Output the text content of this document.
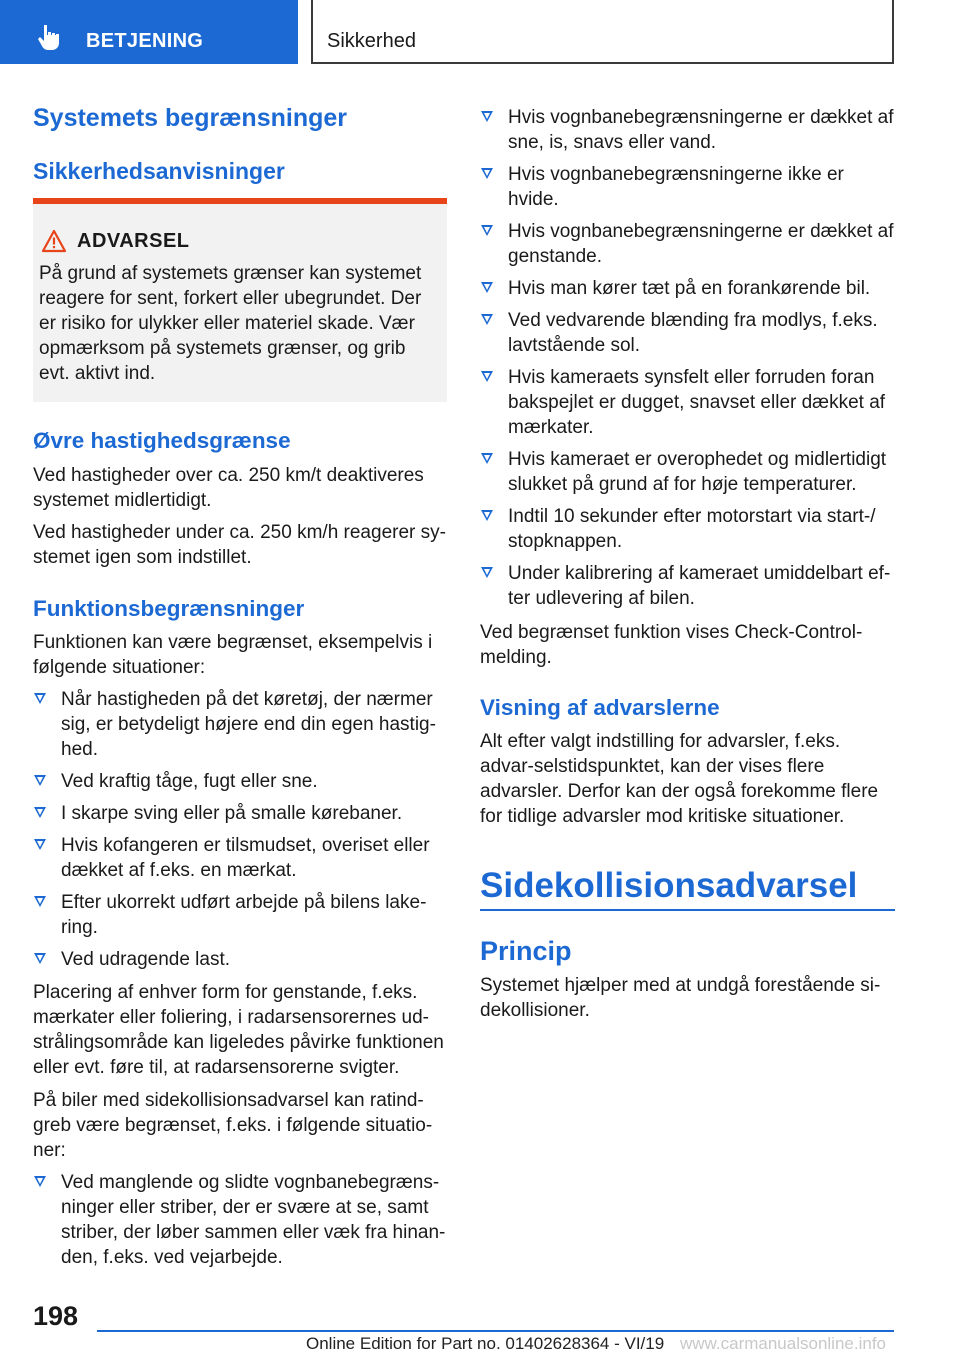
BETJENING	Sikkerhed
Systemets begrænsninger
Sikkerhedsanvisninger
ADVARSEL

På grund af systemets grænser kan systemet reagere for sent, forkert eller ubegrundet. Der er risiko for ulykker eller materiel skade. Vær opmærksom på systemets grænser, og grib evt. aktivt ind.

Øvre hastighedsgrænse

Ved hastigheder over ca. 250 km/t deaktiveres systemet midlertidigt.

Ved hastigheder under ca. 250 km/h reagerer sy-stemet igen som indstillet.

Funktionsbegrænsninger

Funktionen kan være begrænset, eksempelvis i følgende situationer:

Når hastigheden på det køretøj, der nærmer sig, er betydeligt højere end din egen hastig-hed.
Ved kraftig tåge, fugt eller sne.
I skarpe sving eller på smalle kørebaner.
Hvis kofangeren er tilsmudset, overiset eller dækket af f.eks. en mærkat.
Efter ukorrekt udført arbejde på bilens lake-ring.
Ved udragende last.

Placering af enhver form for genstande, f.eks. mærkater eller foliering, i radarsensorernes ud-strålingsområde kan ligeledes påvirke funktionen eller evt. føre til, at radarsensorerne svigter.

På biler med sidekollisionsadvarsel kan ratind-greb være begrænset, f.eks. i følgende situatio-ner:

Ved manglende og slidte vognbanebegræns-ninger eller striber, der er svære at se, samt striber, der løber sammen eller væk fra hinan-den, f.eks. ved vejarbejde.
Hvis vognbanebegrænsningerne er dækket af sne, is, snavs eller vand.
Hvis vognbanebegrænsningerne ikke er hvide.
Hvis vognbanebegrænsningerne er dækket af genstande.
Hvis man kører tæt på en forankørende bil.
Ved vedvarende blænding fra modlys, f.eks. lavtstående sol.
Hvis kameraets synsfelt eller forruden foran bakspejlet er dugget, snavset eller dækket af mærkater.
Hvis kameraet er overophedet og midlertidigt slukket på grund af for høje temperaturer.
Indtil 10 sekunder efter motorstart via start-/ stopknappen.
Under kalibrering af kameraet umiddelbart ef-ter udlevering af bilen.

Ved begrænset funktion vises Check-Control-melding.

Visning af advarslerne

Alt efter valgt indstilling for advarsler, f.eks. advar-selstidspunktet, kan der vises flere advarsler. Derfor kan der også forekomme flere for tidlige advarsler mod kritiske situationer.

Sidekollisionsadvarsel
Princip

Systemet hjælper med at undgå forestående si-dekollisioner.

198
Online Edition for Part no. 01402628364 - VI/19 www.carmanualsonline.info
